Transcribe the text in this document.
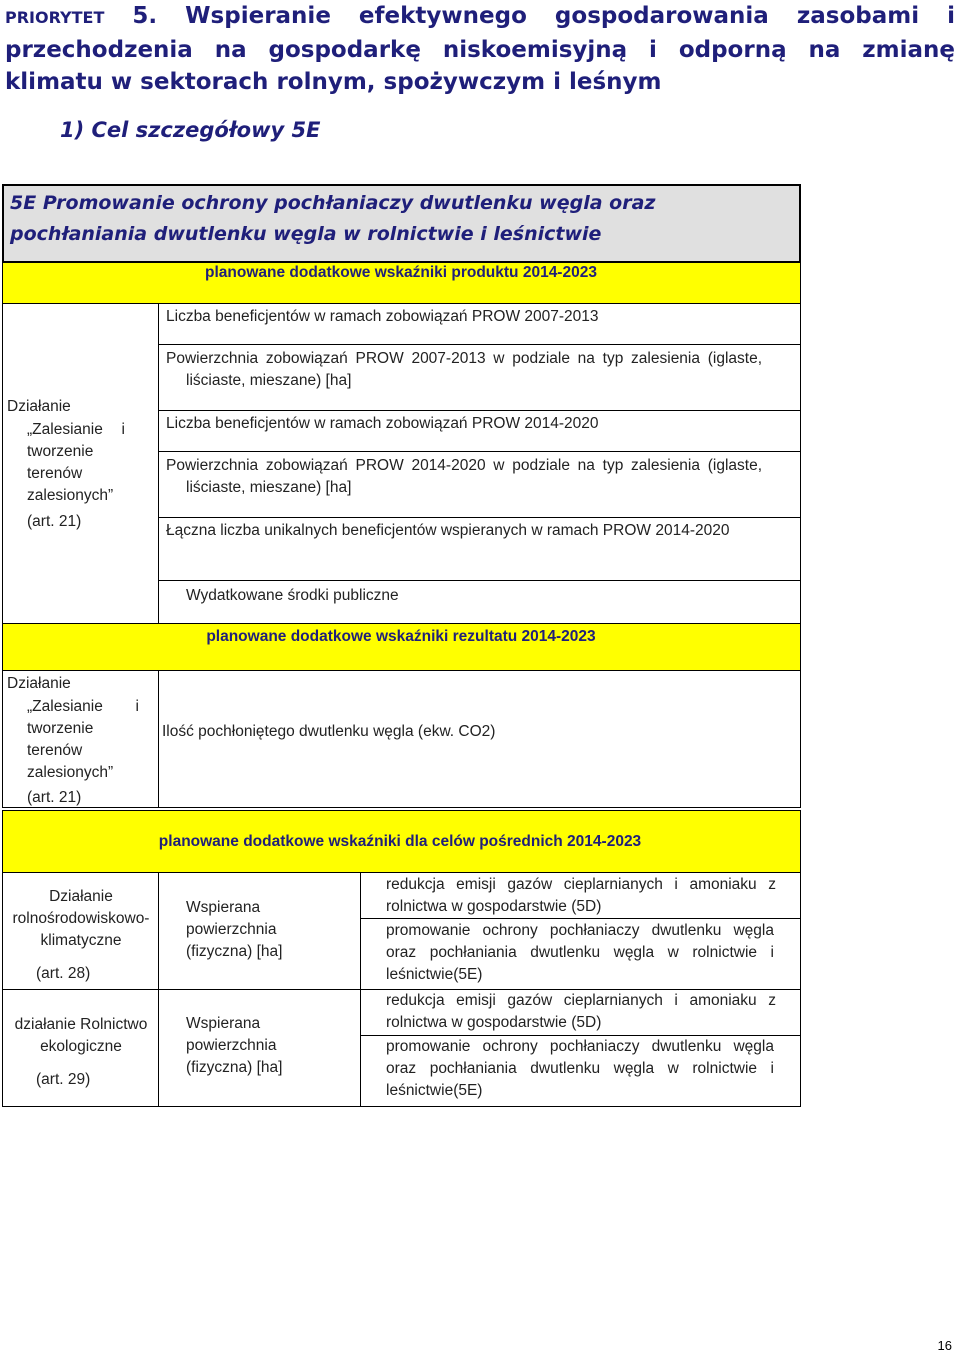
PRIORYTET 5. Wspieranie efektywnego gospodarowania zasobami i przechodzenia na gospodarkę niskoemisyjną i odporną na zmianę klimatu w sektorach rolnym, spożywczym i leśnym
1) Cel szczegółowy 5E
5E Promowanie ochrony pochłaniaczy dwutlenku węgla oraz pochłaniania dwutlenku węgla w rolnictwie i leśnictwie
planowane dodatkowe wskaźniki produktu 2014-2023
Działanie
„Zalesianie i tworzenie terenów zalesionych”
(art. 21)
Liczba beneficjentów w ramach zobowiązań PROW 2007-2013
Powierzchnia zobowiązań PROW 2007-2013 w podziale na typ zalesienia (iglaste, liściaste, mieszane) [ha]
Liczba beneficjentów w ramach zobowiązań PROW 2014-2020
Powierzchnia zobowiązań PROW 2014-2020 w podziale na typ zalesienia (iglaste, liściaste, mieszane) [ha]
Łączna liczba unikalnych beneficjentów wspieranych w ramach PROW 2014-2020
Wydatkowane środki publiczne
planowane dodatkowe wskaźniki rezultatu 2014-2023
Działanie
„Zalesianie i tworzenie terenów zalesionych”
(art. 21)
Ilość pochłoniętego dwutlenku węgla (ekw. CO2)
planowane dodatkowe wskaźniki dla celów pośrednich 2014-2023
Działanie rolnośrodowiskowo-klimatyczne
(art. 28)
Wspierana powierzchnia (fizyczna) [ha]
redukcja emisji gazów cieplarnianych i amoniaku z rolnictwa w gospodarstwie (5D)
promowanie ochrony pochłaniaczy dwutlenku węgla oraz pochłaniania dwutlenku węgla w rolnictwie i leśnictwie(5E)
działanie Rolnictwo ekologiczne
(art. 29)
Wspierana powierzchnia (fizyczna) [ha]
redukcja emisji gazów cieplarnianych i amoniaku z rolnictwa w gospodarstwie (5D)
promowanie ochrony pochłaniaczy dwutlenku węgla oraz pochłaniania dwutlenku węgla w rolnictwie i leśnictwie(5E)
16
